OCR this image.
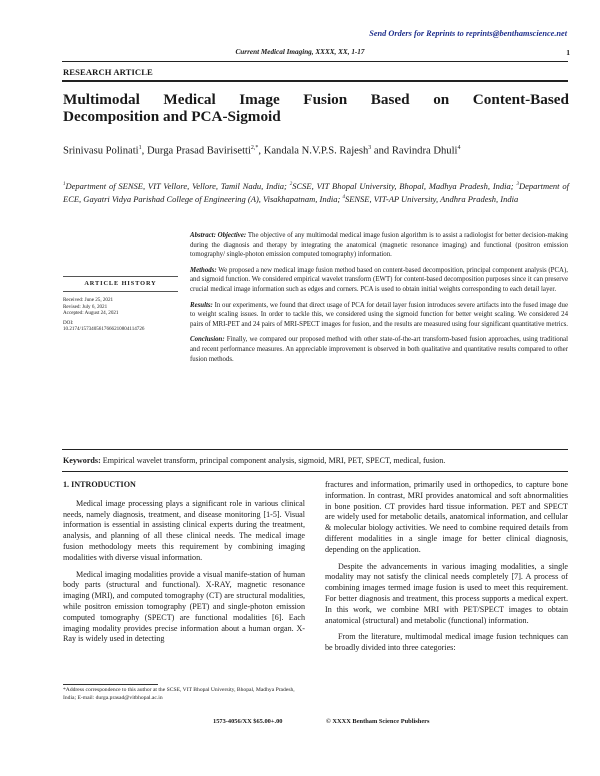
Send Orders for Reprints to reprints@benthamscience.net
Current Medical Imaging, XXXX, XX, 1-17	1
RESEARCH ARTICLE
Multimodal Medical Image Fusion Based on Content-Based
Decomposition and PCA-Sigmoid
Srinivasu Polinati$^1$, Durga Prasad Bavirisetti$^{2,*}$, Kandala N.V.P.S. Rajesh$^3$ and Ravindra Dhuli$^4$
$^1$Department of SENSE, VIT Vellore, Vellore, Tamil Nadu, India; $^2$SCSE, VIT Bhopal University, Bhopal, Madhya Pradesh, India; $^3$Department of ECE, Gayatri Vidya Parishad College of Engineering (A), Visakhapatnam, India; $^4$SENSE, VIT-AP University, Andhra Pradesh, India

Abstract: Objective: The objective of any multimodal medical image fusion algorithm is to assist a radiologist for better decision-making during the diagnosis and therapy by integrating the anatomical (magnetic resonance imaging) and functional (positron emission tomography/ single-photon emission computed tomography) information.

Methods: We proposed a new medical image fusion method based on content-based decomposition, principal component analysis (PCA), and sigmoid function. We considered empirical wavelet transform (EWT) for content-based decomposition purposes since it can preserve crucial medical image information such as edges and corners. PCA is used to obtain initial weights corresponding to each detail layer.

Results: In our experiments, we found that direct usage of PCA for detail layer fusion introduces severe artifacts into the fused image due to weight scaling issues. In order to tackle this, we considered using the sigmoid function for better weight scaling. We considered 24 pairs of MRI-PET and 24 pairs of MRI-SPECT images for fusion, and the results are measured using four significant quantitative metrics.

Conclusion: Finally, we compared our proposed method with other state-of-the-art transform-based fusion approaches, using traditional and recent performance measures. An appreciable improvement is observed in both qualitative and quantitative results compared to other fusion methods.

ARTICLE HISTORY
Received: June 25, 2021
Revised: July 6, 2021
Accepted: August 24, 2021
DOI:
10.2174/1573405617666210804114726
Keywords: Empirical wavelet transform, principal component analysis, sigmoid, MRI, PET, SPECT, medical, fusion.
1. INTRODUCTION

Medical image processing plays a significant role in various clinical needs, namely diagnosis, treatment, and disease monitoring [1-5]. Visual information is essential in assisting clinical experts during the treatment, analysis, and planning of all these clinical needs. The medical image fusion methodology meets this requirement by combining imaging modalities with diverse visual information.

Medical imaging modalities provide a visual manife-station of human body parts (structural and functional). X-RAY, magnetic resonance imaging (MRI), and computed tomography (CT) are structural modalities, while positron emission tomography (PET) and single-photon emission computed tomography (SPECT) are functional modalities [6]. Each imaging modality provides precise information about a human organ. X-Ray is widely used in detecting

fractures and information, primarily used in orthopedics, to capture bone information. In contrast, MRI provides anatomical and soft abnormalities in bone position. CT provides hard tissue information. PET and SPECT are widely used for metabolic details, anatomical information, and cellular & molecular biology activities. We need to combine required details from different modalities in a single image for better clinical diagnosis, depending on the application.

Despite the advancements in various imaging modalities, a single modality may not satisfy the clinical needs completely [7]. A process of combining images termed image fusion is used to meet this requirement. For better diagnosis and treatment, this process supports a medical expert. In this work, we combine MRI with PET/SPECT images to obtain anatomical (structural) and metabolic (functional) information.

From the literature, multimodal medical image fusion techniques can be broadly divided into three categories:

*Address correspondence to this author at the SCSE, VIT Bhopal University, Bhopal, Madhya Pradesh, India; E-mail: durga.prasad@vitbhopal.ac.in
1573-4056/XX $65.00+.00	© XXXX Bentham Science Publishers
